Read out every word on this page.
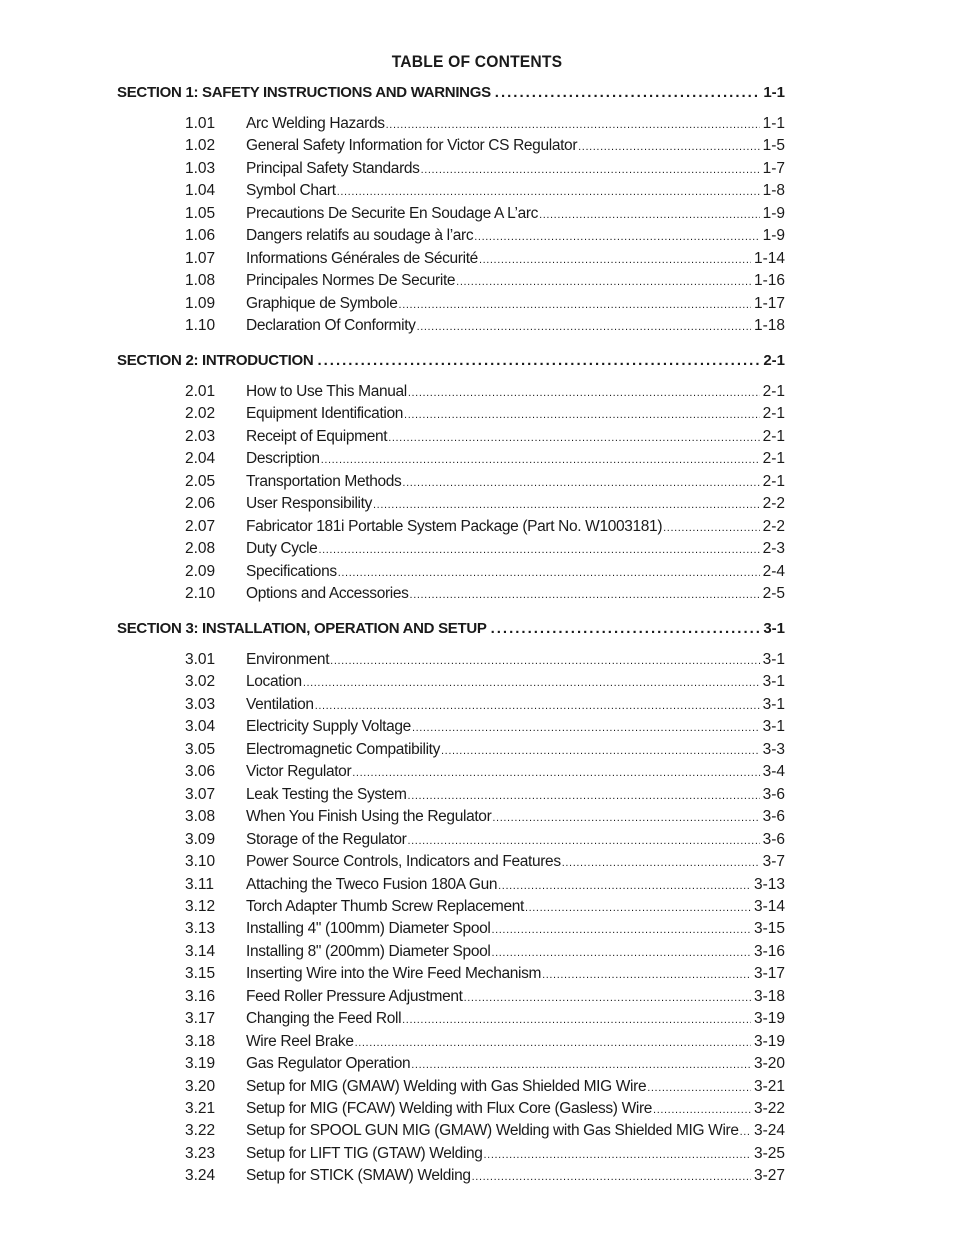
TABLE OF CONTENTS
SECTION 1: SAFETY INSTRUCTIONS AND WARNINGS .....	1-1
1.01	Arc Welding Hazards .....	1-1
1.02	General Safety Information for Victor CS Regulator .....	1-5
1.03	Principal Safety Standards .....	1-7
1.04	Symbol Chart .....	1-8
1.05	Precautions De Securite En Soudage A L’arc .....	1-9
1.06	Dangers relatifs au soudage à l’arc .....	1-9
1.07	Informations Générales de Sécurité .....	1-14
1.08	Principales Normes De Securite .....	1-16
1.09	Graphique de Symbole .....	1-17
1.10	Declaration Of Conformity .....	1-18
SECTION 2: INTRODUCTION .....	2-1
2.01	How to Use This Manual .....	2-1
2.02	Equipment Identification .....	2-1
2.03	Receipt of Equipment .....	2-1
2.04	Description .....	2-1
2.05	Transportation Methods .....	2-1
2.06	User Responsibility .....	2-2
2.07	Fabricator 181i Portable System Package (Part No. W1003181) .....	2-2
2.08	Duty Cycle .....	2-3
2.09	Specifications .....	2-4
2.10	Options and Accessories .....	2-5
SECTION 3: INSTALLATION, OPERATION AND SETUP .....	3-1
3.01	Environment .....	3-1
3.02	Location .....	3-1
3.03	Ventilation .....	3-1
3.04	Electricity Supply Voltage .....	3-1
3.05	Electromagnetic Compatibility .....	3-3
3.06	Victor Regulator .....	3-4
3.07	Leak Testing the System .....	3-6
3.08	When You Finish Using the Regulator .....	3-6
3.09	Storage of the Regulator .....	3-6
3.10	Power Source Controls, Indicators and Features .....	3-7
3.11	Attaching the Tweco Fusion 180A Gun .....	3-13
3.12	Torch Adapter Thumb Screw Replacement .....	3-14
3.13	Installing 4" (100mm) Diameter Spool .....	3-15
3.14	Installing 8" (200mm) Diameter Spool .....	3-16
3.15	Inserting Wire into the Wire Feed Mechanism .....	3-17
3.16	Feed Roller Pressure Adjustment .....	3-18
3.17	Changing the Feed Roll .....	3-19
3.18	Wire Reel Brake .....	3-19
3.19	Gas Regulator Operation .....	3-20
3.20	Setup for MIG (GMAW) Welding with Gas Shielded MIG Wire .....	3-21
3.21	Setup for MIG (FCAW) Welding with Flux Core (Gasless) Wire .....	3-22
3.22	Setup for SPOOL GUN MIG (GMAW) Welding with Gas Shielded MIG Wire ..... 3-24
3.23	Setup for LIFT TIG (GTAW) Welding .....	3-25
3.24	Setup for STICK (SMAW) Welding .....	3-27
